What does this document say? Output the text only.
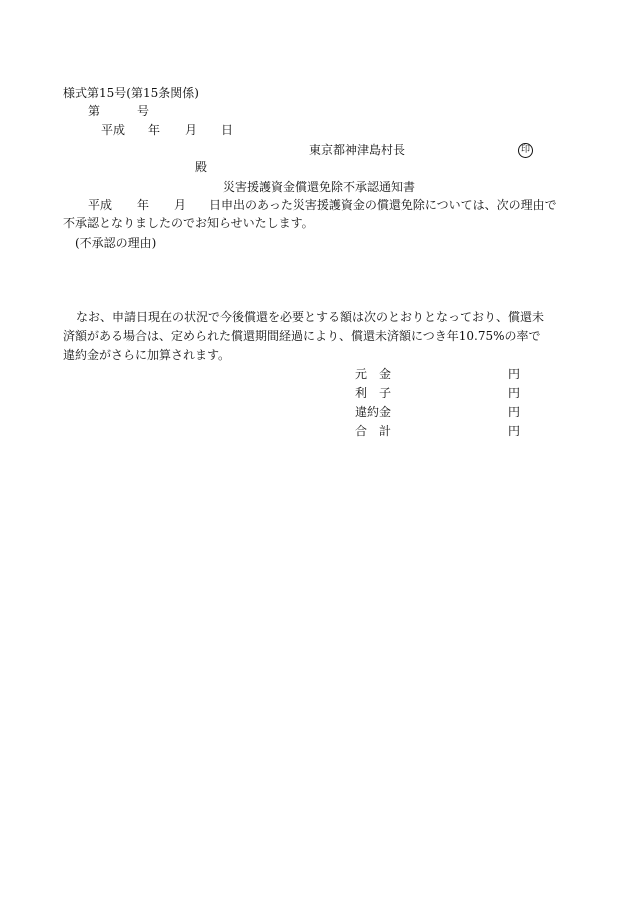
様式第15号(第15条関係)
第	号
平成 年 月 日
東京都神津島村長	印
殿
災害援護資金償還免除不承認通知書
平成 年 月 日申出のあった災害援護資金の償還免除については、次の理由で
不承認となりましたのでお知らせいたします。
(不承認の理由)
なお、申請日現在の状況で今後償還を必要とする額は次のとおりとなっており、償還未
済額がある場合は、定められた償還期間経過により、償還未済額につき年10.75%の率で
違約金がさらに加算されます。
元　金	円
利　子	円
違約金	円
合　計	円
